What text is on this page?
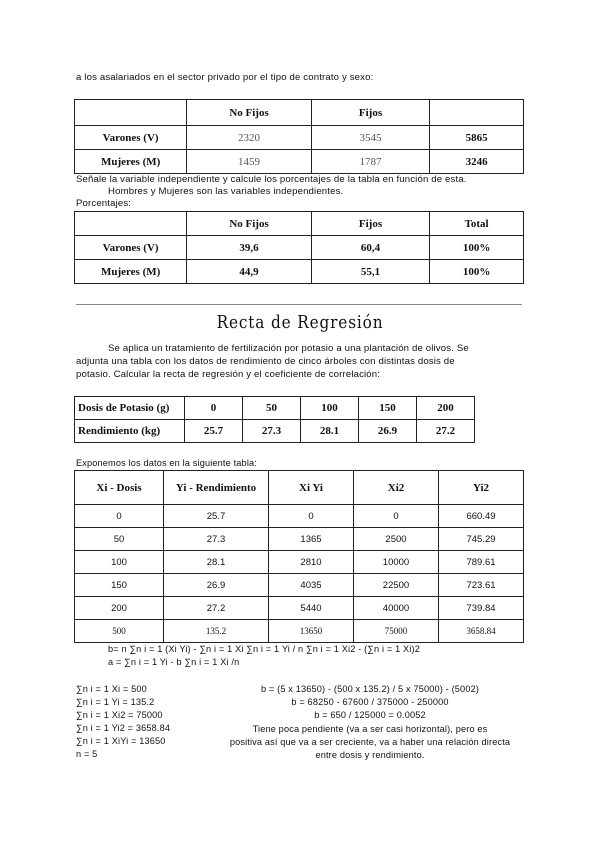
a los asalariados en el sector privado por el tipo de contrato y sexo:
	No Fijos	Fijos	
Varones (V)	2320	3545	5865
Mujeres (M)	1459	1787	3246
Señale la variable independiente y calcule los porcentajes de la tabla en función de esta.
Hombres y Mujeres son las variables independientes.
Porcentajes:
	No Fijos	Fijos	Total
Varones (V)	39,6	60,4	100%
Mujeres (M)	44,9	55,1	100%
Recta de Regresión
Se aplica un tratamiento de fertilización por potasio a una plantación de olivos. Se
adjunta una tabla con los datos de rendimiento de cinco árboles con distintas dosis de
potasio. Calcular la recta de regresión y el coeficiente de correlación:
Dosis de Potasio (g)	0	50	100	150	200
Rendimiento (kg)	25.7	27.3	28.1	26.9	27.2
Exponemos los datos en la siguiente tabla:
Xi - Dosis	Yi - Rendimiento	Xi Yi	Xi2	Yi2
0	25.7	0	0	660.49
50	27.3	1365	2500	745.29
100	28.1	2810	10000	789.61
150	26.9	4035	22500	723.61
200	27.2	5440	40000	739.84
500	135.2	13650	75000	3658.84
b= n ∑n i = 1 (Xi Yi) - ∑n i = 1 Xi ∑n i = 1 Yi / n ∑n i = 1 Xi2 - (∑n i = 1 Xi)2
a = ∑n i = 1 Yi - b ∑n i = 1 Xi /n
∑n i = 1 Xi = 500
∑n i = 1 Yi = 135.2
∑n i = 1 Xi2 = 75000
∑n i = 1 Yi2 = 3658.84
∑n i = 1 XiYi = 13650
n = 5
b = (5 x 13650) - (500 x 135.2) / 5 x 75000) - (5002)
b = 68250 - 67600 / 375000 - 250000
b = 650 / 125000 = 0.0052
Tiene poca pendiente (va a ser casi horizontal), pero es
positiva así que va a ser creciente, va a haber una relación directa
entre dosis y rendimiento.
